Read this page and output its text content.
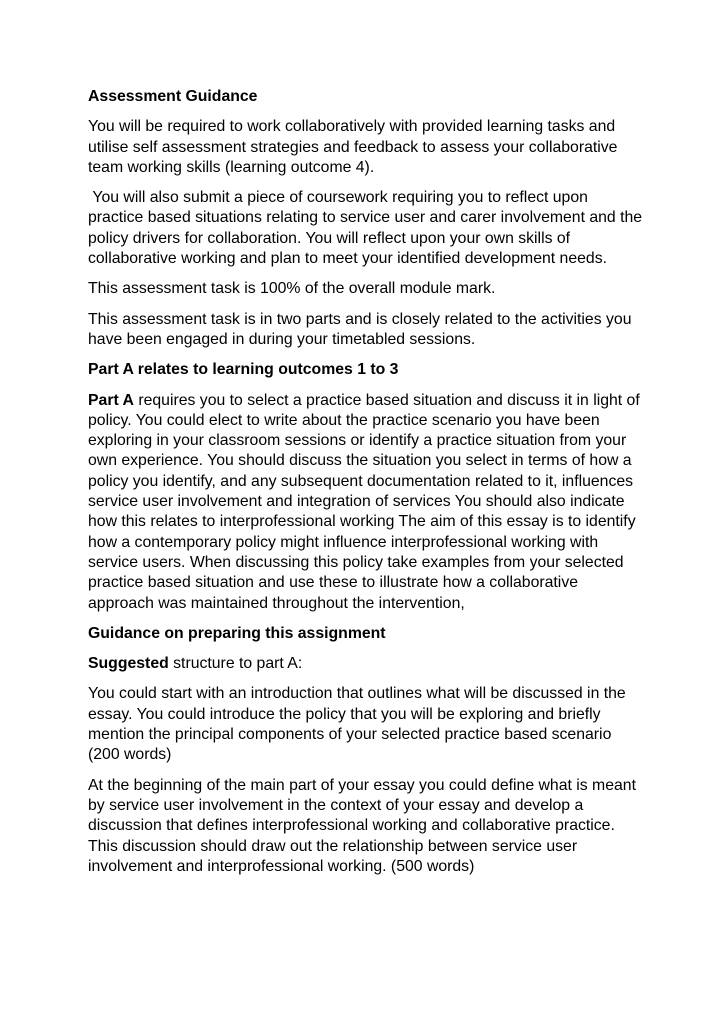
Assessment Guidance

You will be required to work collaboratively with provided learning tasks and utilise self assessment strategies and feedback to assess your collaborative team working skills (learning outcome 4).

You will also submit a piece of coursework requiring you to reflect upon practice based situations relating to service user and carer involvement and the policy drivers for collaboration. You will reflect upon your own skills of collaborative working and plan to meet your identified development needs.

This assessment task is 100% of the overall module mark.

This assessment task is in two parts and is closely related to the activities you have been engaged in during your timetabled sessions.

Part A relates to learning outcomes 1 to 3

Part A requires you to select a practice based situation and discuss it in light of policy. You could elect to write about the practice scenario you have been exploring in your classroom sessions or identify a practice situation from your own experience. You should discuss the situation you select in terms of how a policy you identify, and any subsequent documentation related to it, influences service user involvement and integration of services You should also indicate how this relates to interprofessional working The aim of this essay is to identify how a contemporary policy might influence interprofessional working with service users. When discussing this policy take examples from your selected practice based situation and use these to illustrate how a collaborative approach was maintained throughout the intervention,

Guidance on preparing this assignment

Suggested structure to part A:

You could start with an introduction that outlines what will be discussed in the essay. You could introduce the policy that you will be exploring and briefly mention the principal components of your selected practice based scenario (200 words)

At the beginning of the main part of your essay you could define what is meant by service user involvement in the context of your essay and develop a discussion that defines interprofessional working and collaborative practice. This discussion should draw out the relationship between service user involvement and interprofessional working. (500 words)
